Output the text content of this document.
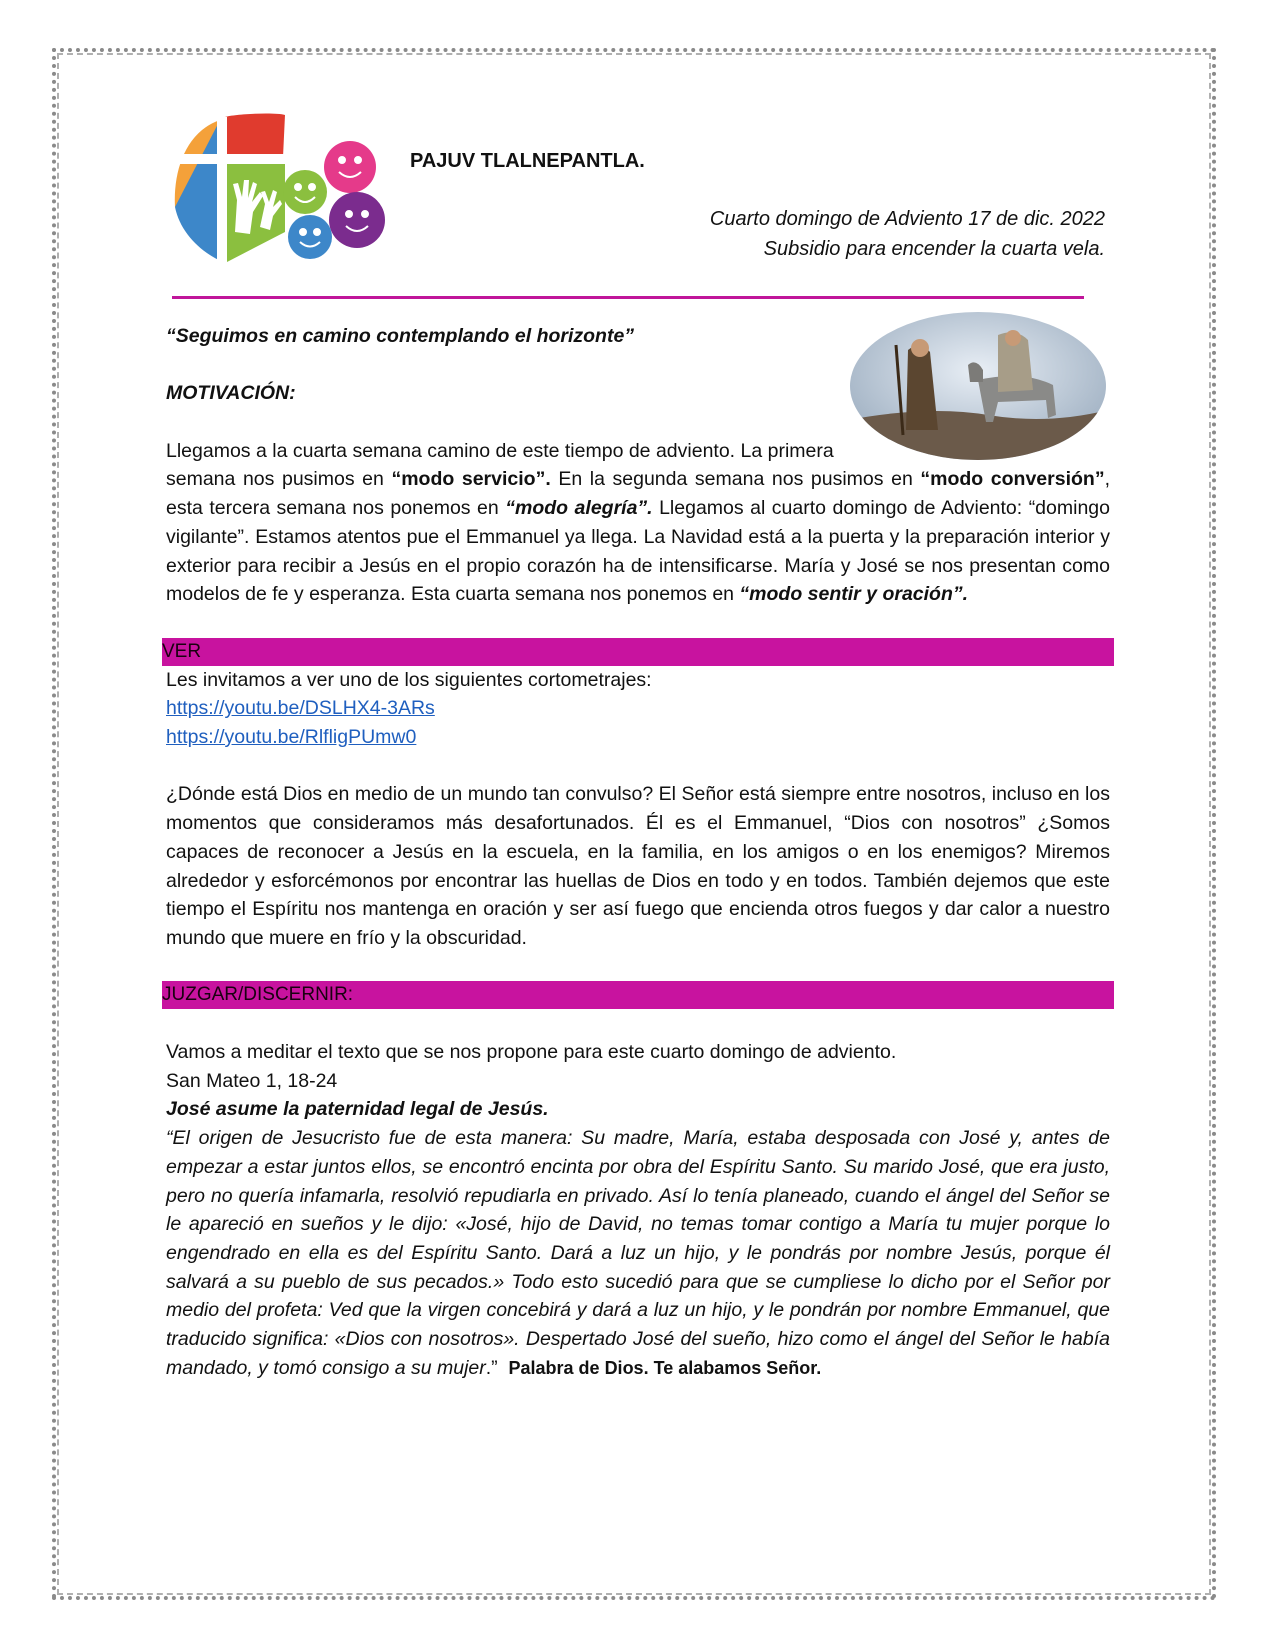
PAJUV TLALNEPANTLA.
Cuarto domingo de Adviento 17 de dic. 2022
Subsidio para encender la cuarta vela.

“Seguimos en camino contemplando el horizonte”

MOTIVACIÓN:

Llegamos a la cuarta semana camino de este tiempo de adviento. La primera
semana nos pusimos en “modo servicio”. En la segunda semana nos pusimos en “modo conversión”, esta tercera semana nos ponemos en “modo alegría”. Llegamos al cuarto domingo de Adviento: “domingo vigilante”. Estamos atentos pue el Emmanuel ya llega. La Navidad está a la puerta y la preparación interior y exterior para recibir a Jesús en el propio corazón ha de intensificarse. María y José se nos presentan como modelos de fe y esperanza. Esta cuarta semana nos ponemos en “modo sentir y oración”.

VER

Les invitamos a ver uno de los siguientes cortometrajes:

https://youtu.be/DSLHX4-3ARs

https://youtu.be/RlfligPUmw0

¿Dónde está Dios en medio de un mundo tan convulso? El Señor está siempre entre nosotros, incluso en los momentos que consideramos más desafortunados. Él es el Emmanuel, “Dios con nosotros” ¿Somos capaces de reconocer a Jesús en la escuela, en la familia, en los amigos o en los enemigos? Miremos alrededor y esforcémonos por encontrar las huellas de Dios en todo y en todos. También dejemos que este tiempo el Espíritu nos mantenga en oración y ser así fuego que encienda otros fuegos y dar calor a nuestro mundo que muere en frío y la obscuridad.

JUZGAR/DISCERNIR:

Vamos a meditar el texto que se nos propone para este cuarto domingo de adviento.

San Mateo 1, 18-24

José asume la paternidad legal de Jesús.

“El origen de Jesucristo fue de esta manera: Su madre, María, estaba desposada con José y, antes de empezar a estar juntos ellos, se encontró encinta por obra del Espíritu Santo. Su marido José, que era justo, pero no quería infamarla, resolvió repudiarla en privado. Así lo tenía planeado, cuando el ángel del Señor se le apareció en sueños y le dijo: «José, hijo de David, no temas tomar contigo a María tu mujer porque lo engendrado en ella es del Espíritu Santo. Dará a luz un hijo, y le pondrás por nombre Jesús, porque él salvará a su pueblo de sus pecados.» Todo esto sucedió para que se cumpliese lo dicho por el Señor por medio del profeta: Ved que la virgen concebirá y dará a luz un hijo, y le pondrán por nombre Emmanuel, que traducido significa: «Dios con nosotros». Despertado José del sueño, hizo como el ángel del Señor le había mandado, y tomó consigo a su mujer.”  Palabra de Dios. Te alabamos Señor.
